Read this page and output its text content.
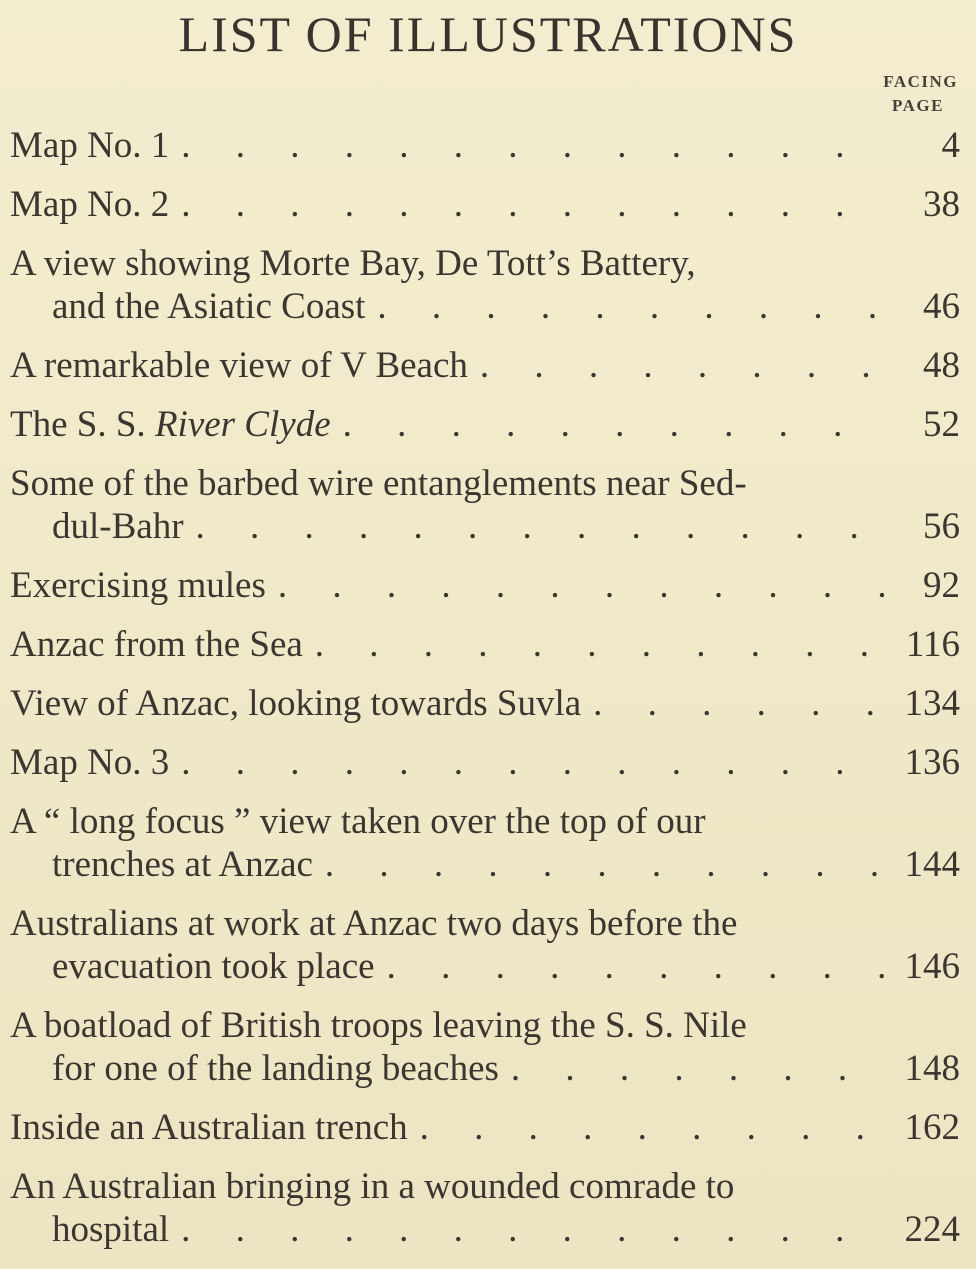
LIST OF ILLUSTRATIONS
FACING
PAGE
Map No. 1 . . .	4
Map No. 2 . . .	38
A view showing Morte Bay, De Tott’s Battery,
and the Asiatic Coast . . .	46
A remarkable view of V Beach . . .	48
The S. S. River Clyde . . .	52
Some of the barbed wire entanglements near Sed-
dul-Bahr . . .	56
Exercising mules . . .	92
Anzac from the Sea . . .	116
View of Anzac, looking towards Suvla . . .	134
Map No. 3 . . .	136
A “ long focus ” view taken over the top of our
trenches at Anzac . . .	144
Australians at work at Anzac two days before the
evacuation took place . . .	146
A boatload of British troops leaving the S. S. Nile
for one of the landing beaches . . .	148
Inside an Australian trench . . .	162
An Australian bringing in a wounded comrade to
hospital . . .	224
